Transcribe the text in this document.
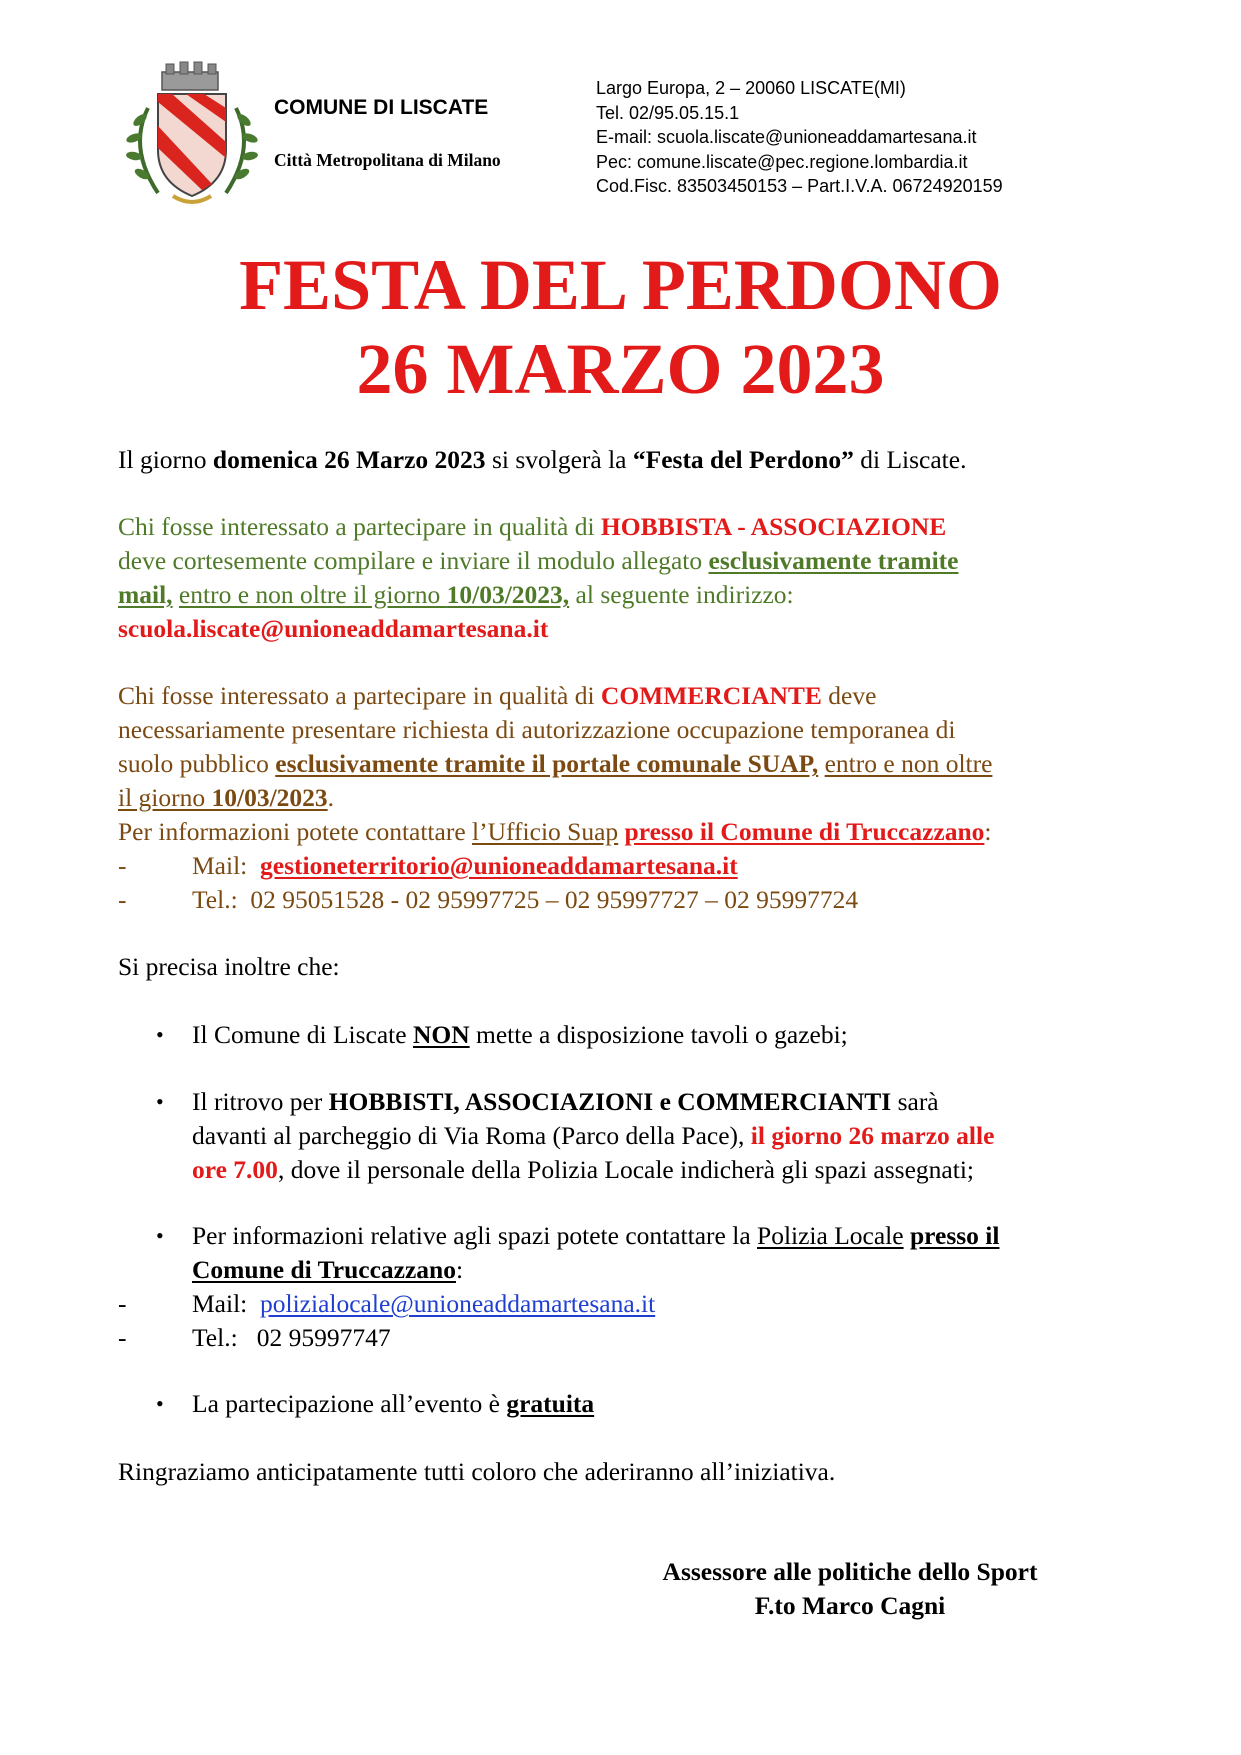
COMUNE DI LISCATE
Città Metropolitana di Milano
Largo Europa, 2 – 20060 LISCATE(MI)
Tel. 02/95.05.15.1
E-mail: scuola.liscate@unioneaddamartesana.it
Pec: comune.liscate@pec.regione.lombardia.it
Cod.Fisc. 83503450153 – Part.I.V.A. 06724920159
FESTA DEL PERDONO
26 MARZO 2023

Il giorno domenica 26 Marzo 2023 si svolgerà la “Festa del Perdono” di Liscate.

Chi fosse interessato a partecipare in qualità di HOBBISTA - ASSOCIAZIONE
deve cortesemente compilare e inviare il modulo allegato esclusivamente tramite
mail, entro e non oltre il giorno 10/03/2023, al seguente indirizzo:
scuola.liscate@unioneaddamartesana.it
Chi fosse interessato a partecipare in qualità di COMMERCIANTE deve
necessariamente presentare richiesta di autorizzazione occupazione temporanea di
suolo pubblico esclusivamente tramite il portale comunale SUAP, entro e non oltre
il giorno 10/03/2023.
Per informazioni potete contattare l’Ufficio Suap presso il Comune di Truccazzano:
-	Mail: gestioneterritorio@unioneaddamartesana.it
-	Tel.: 02 95051528 - 02 95997725 – 02 95997727 – 02 95997724

Si precisa inoltre che:

• Il Comune di Liscate NON mette a disposizione tavoli o gazebi;
• Il ritrovo per HOBBISTI, ASSOCIAZIONI e COMMERCIANTI sarà
davanti al parcheggio di Via Roma (Parco della Pace), il giorno 26 marzo alle
ore 7.00, dove il personale della Polizia Locale indicherà gli spazi assegnati;
• Per informazioni relative agli spazi potete contattare la Polizia Locale presso il
Comune di Truccazzano:
-	Mail: polizialocale@unioneaddamartesana.it
-	Tel.: 02 95997747
• La partecipazione all’evento è gratuita

Ringraziamo anticipatamente tutti coloro che aderiranno all’iniziativa.

Assessore alle politiche dello Sport
F.to Marco Cagni
